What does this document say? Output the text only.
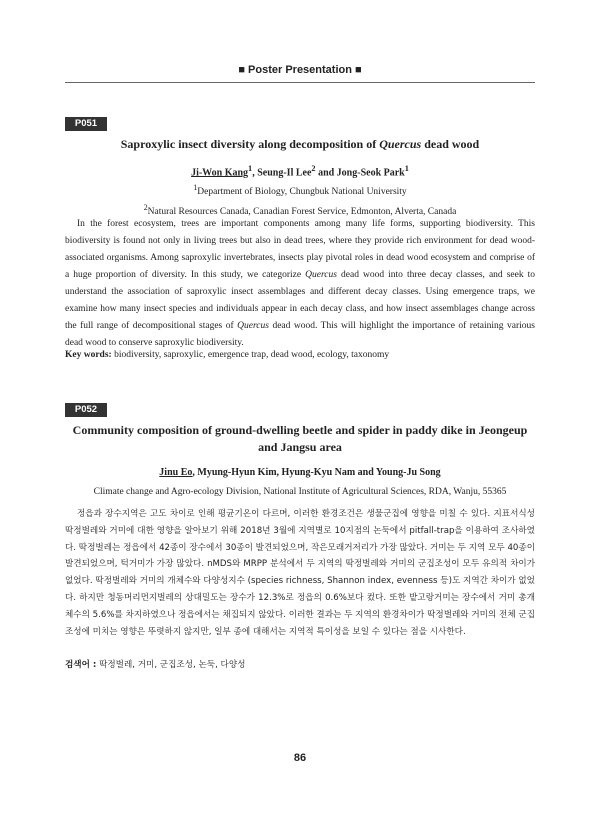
■ Poster Presentation ■
P051
Saproxylic insect diversity along decomposition of Quercus dead wood
Ji-Won Kang$^1$, Seung-Il Lee$^2$ and Jong-Seok Park$^1$
$^1$Department of Biology, Chungbuk National University
$^2$Natural Resources Canada, Canadian Forest Service, Edmonton, Alverta, Canada
In the forest ecosystem, trees are important components among many life forms, supporting biodiversity. This biodiversity is found not only in living trees but also in dead trees, where they provide rich environment for dead wood-associated organisms. Among saproxylic invertebrates, insects play pivotal roles in dead wood ecosystem and comprise of a huge proportion of diversity. In this study, we categorize Quercus dead wood into three decay classes, and seek to understand the association of saproxylic insect assemblages and different decay classes. Using emergence traps, we examine how many insect species and individuals appear in each decay class, and how insect assemblages change across the full range of decompositional stages of Quercus dead wood. This will highlight the importance of retaining various dead wood to conserve saproxylic biodiversity.
Key words: biodiversity, saproxylic, emergence trap, dead wood, ecology, taxonomy
P052
Community composition of ground-dwelling beetle and spider in paddy dike in Jeongeup
and Jangsu area
Jinu Eo, Myung-Hyun Kim, Hyung-Kyu Nam and Young-Ju Song
Climate change and Agro-ecology Division, National Institute of Agricultural Sciences, RDA, Wanju, 55365
정읍과 장수지역은 고도 차이로 인해 평균기온이 다르며, 이러한 환경조건은 생물군집에 영향을 미칠 수 있다. 지표서식성 딱정벌레와 거미에 대한 영향을 알아보기 위해 2018년 3월에 지역별로 10지점의 논둑에서 pitfall-trap을 이용하여 조사하였다. 딱정벌레는 정읍에서 42종이 장수에서 30종이 발견되었으며, 작은모래거저리가 가장 많았다. 거미는 두 지역 모두 40종이 발견되었으며, 턱거미가 가장 많았다. nMDS와 MRPP 분석에서 두 지역의 딱정벌레와 거미의 군집조성이 모두 유의적 차이가 없었다. 딱정벌레와 거미의 개체수와 다양성지수 (species richness, Shannon index, evenness 등)도 지역간 차이가 없었다. 하지만 청동머리먼지벌레의 상대밀도는 장수가 12.3%로 정읍의 0.6%보다 컸다. 또한 밭고랑거미는 장수에서 거미 총개체수의 5.6%를 차지하였으나 정읍에서는 채집되지 않았다. 이러한 결과는 두 지역의 환경차이가 딱정벌레와 거미의 전체 군집조성에 미치는 영향은 뚜렷하지 않지만, 일부 종에 대해서는 지역적 특이성을 보일 수 있다는 점을 시사한다.
검색어 : 딱정벌레, 거미, 군집조성, 논둑, 다양성
86
